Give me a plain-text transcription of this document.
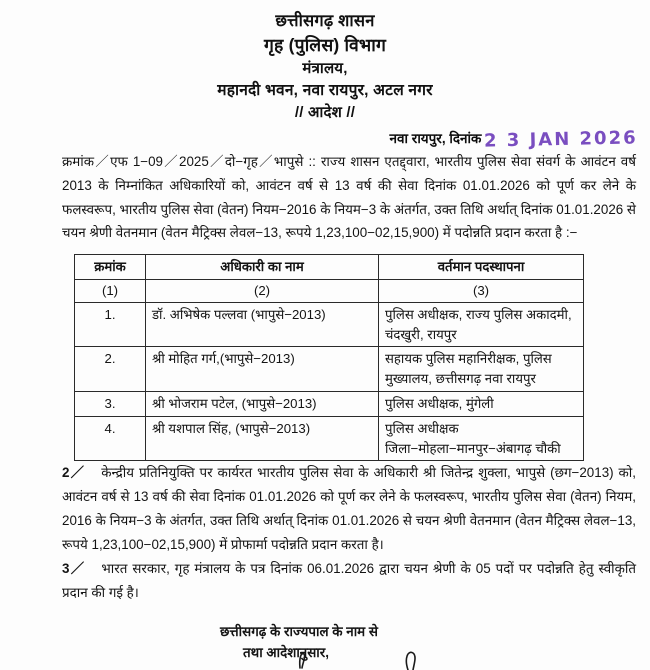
छत्तीसगढ़ शासन
गृह (पुलिस) विभाग
मंत्रालय,
महानदी भवन, नवा रायपुर, अटल नगर
// आदेश //
नवा रायपुर, दिनांक 2 3 JAN 2026

क्रमांक／एफ 1−09／2025／दो−गृह／भापुसे :: राज्य शासन एतद्द्वारा, भारतीय पुलिस सेवा संवर्ग के आवंटन वर्ष 2013 के निम्नांकित अधिकारियों को, आवंटन वर्ष से 13 वर्ष की सेवा दिनांक 01.01.2026 को पूर्ण कर लेने के फलस्वरूप, भारतीय पुलिस सेवा (वेतन) नियम−2016 के नियम−3 के अंतर्गत, उक्त तिथि अर्थात् दिनांक 01.01.2026 से चयन श्रेणी वेतनमान (वेतन मैट्रिक्स लेवल−13, रूपये 1,23,100−02,15,900) में पदोन्नति प्रदान करता है :−

क्रमांक	अधिकारी का नाम	वर्तमान पदस्थापना
(1)	(2)	(3)
1.	डॉ. अभिषेक पल्लवा (भापुसे−2013)	पुलिस अधीक्षक, राज्य पुलिस अकादमी,
चंदखुरी, रायपुर

2.	श्री मोहित गर्ग,(भापुसे−2013)	सहायक पुलिस महानिरीक्षक, पुलिस
मुख्यालय, छत्तीसगढ़ नवा रायपुर

3.	श्री भोजराम पटेल, (भापुसे−2013)	पुलिस अधीक्षक, मुंगेली

4.	श्री यशपाल सिंह, (भापुसे−2013)	पुलिस अधीक्षक
जिला−मोहला−मानपुर−अंबागढ़ चौकी

2／ केन्द्रीय प्रतिनियुक्ति पर कार्यरत भारतीय पुलिस सेवा के अधिकारी श्री जितेन्द्र शुक्ला, भापुसे (छग−2013) को, आवंटन वर्ष से 13 वर्ष की सेवा दिनांक 01.01.2026 को पूर्ण कर लेने के फलस्वरूप, भारतीय पुलिस सेवा (वेतन) नियम, 2016 के नियम−3 के अंतर्गत, उक्त तिथि अर्थात् दिनांक 01.01.2026 से चयन श्रेणी वेतनमान (वेतन मैट्रिक्स लेवल−13, रूपये 1,23,100−02,15,900) में प्रोफार्मा पदोन्नति प्रदान करता है।

3／ भारत सरकार, गृह मंत्रालय के पत्र दिनांक 06.01.2026 द्वारा चयन श्रेणी के 05 पदों पर पदोन्नति हेतु स्वीकृति प्रदान की गई है।

छत्तीसगढ़ के राज्यपाल के नाम से
तथा आदेशानुसार,
